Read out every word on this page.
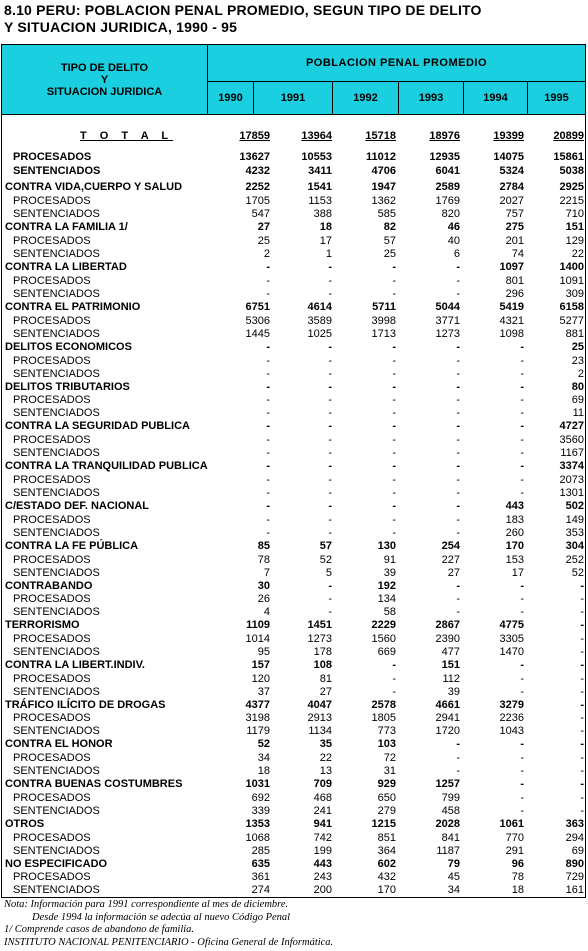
8.10 PERU: POBLACION PENAL PROMEDIO, SEGUN TIPO DE DELITO
Y SITUACION JURIDICA, 1990 - 95
TIPO DE DELITO
Y
SITUACION JURIDICA
POBLACION PENAL PROMEDIO
1990	1991	1992	1993	1994	1995
T O T A L	17859	13964	15718	18976	19399	20899
PROCESADOS	13627	10553	11012	12935	14075	15861
SENTENCIADOS	4232	3411	4706	6041	5324	5038
CONTRA VIDA,CUERPO Y SALUD	2252	1541	1947	2589	2784	2925
PROCESADOS	1705	1153	1362	1769	2027	2215
SENTENCIADOS	547	388	585	820	757	710
CONTRA LA FAMILIA 1/	27	18	82	46	275	151
PROCESADOS	25	17	57	40	201	129
SENTENCIADOS	2	1	25	6	74	22
CONTRA LA LIBERTAD	-	-	-	-	1097	1400
PROCESADOS	-	-	-	-	801	1091
SENTENCIADOS	-	-	-	-	296	309
CONTRA EL PATRIMONIO	6751	4614	5711	5044	5419	6158
PROCESADOS	5306	3589	3998	3771	4321	5277
SENTENCIADOS	1445	1025	1713	1273	1098	881
DELITOS ECONOMICOS	-	-	-	-	-	25
PROCESADOS	-	-	-	-	-	23
SENTENCIADOS	-	-	-	-	-	2
DELITOS TRIBUTARIOS	-	-	-	-	-	80
PROCESADOS	-	-	-	-	-	69
SENTENCIADOS	-	-	-	-	-	11
CONTRA LA SEGURIDAD PUBLICA	-	-	-	-	-	4727
PROCESADOS	-	-	-	-	-	3560
SENTENCIADOS	-	-	-	-	-	1167
CONTRA LA TRANQUILIDAD PUBLICA	-	-	-	-	-	3374
PROCESADOS	-	-	-	-	-	2073
SENTENCIADOS	-	-	-	-	-	1301
C/ESTADO DEF. NACIONAL	-	-	-	-	443	502
PROCESADOS	-	-	-	-	183	149
SENTENCIADOS	-	-	-	-	260	353
CONTRA LA FE PÚBLICA	85	57	130	254	170	304
PROCESADOS	78	52	91	227	153	252
SENTENCIADOS	7	5	39	27	17	52
CONTRABANDO	30	-	192	-	-	-
PROCESADOS	26	-	134	-	-	-
SENTENCIADOS	4	-	58	-	-	-
TERRORISMO	1109	1451	2229	2867	4775	-
PROCESADOS	1014	1273	1560	2390	3305	-
SENTENCIADOS	95	178	669	477	1470	-
CONTRA LA LIBERT.INDIV.	157	108	-	151	-	-
PROCESADOS	120	81	-	112	-	-
SENTENCIADOS	37	27	-	39	-	-
TRÁFICO ILÍCITO DE DROGAS	4377	4047	2578	4661	3279	-
PROCESADOS	3198	2913	1805	2941	2236	-
SENTENCIADOS	1179	1134	773	1720	1043	-
CONTRA EL HONOR	52	35	103	-	-	-
PROCESADOS	34	22	72	-	-	-
SENTENCIADOS	18	13	31	-	-	-
CONTRA BUENAS COSTUMBRES	1031	709	929	1257	-	-
PROCESADOS	692	468	650	799	-	-
SENTENCIADOS	339	241	279	458	-	-
OTROS	1353	941	1215	2028	1061	363
PROCESADOS	1068	742	851	841	770	294
SENTENCIADOS	285	199	364	1187	291	69
NO ESPECIFICADO	635	443	602	79	96	890
PROCESADOS	361	243	432	45	78	729
SENTENCIADOS	274	200	170	34	18	161
Nota: Información para 1991 correspondiente al mes de diciembre.
Desde 1994 la información se adecúa al nuevo Código Penal
1/ Comprende casos de abandono de familia.
INSTITUTO NACIONAL PENITENCIARIO - Oficina General de Informática.
